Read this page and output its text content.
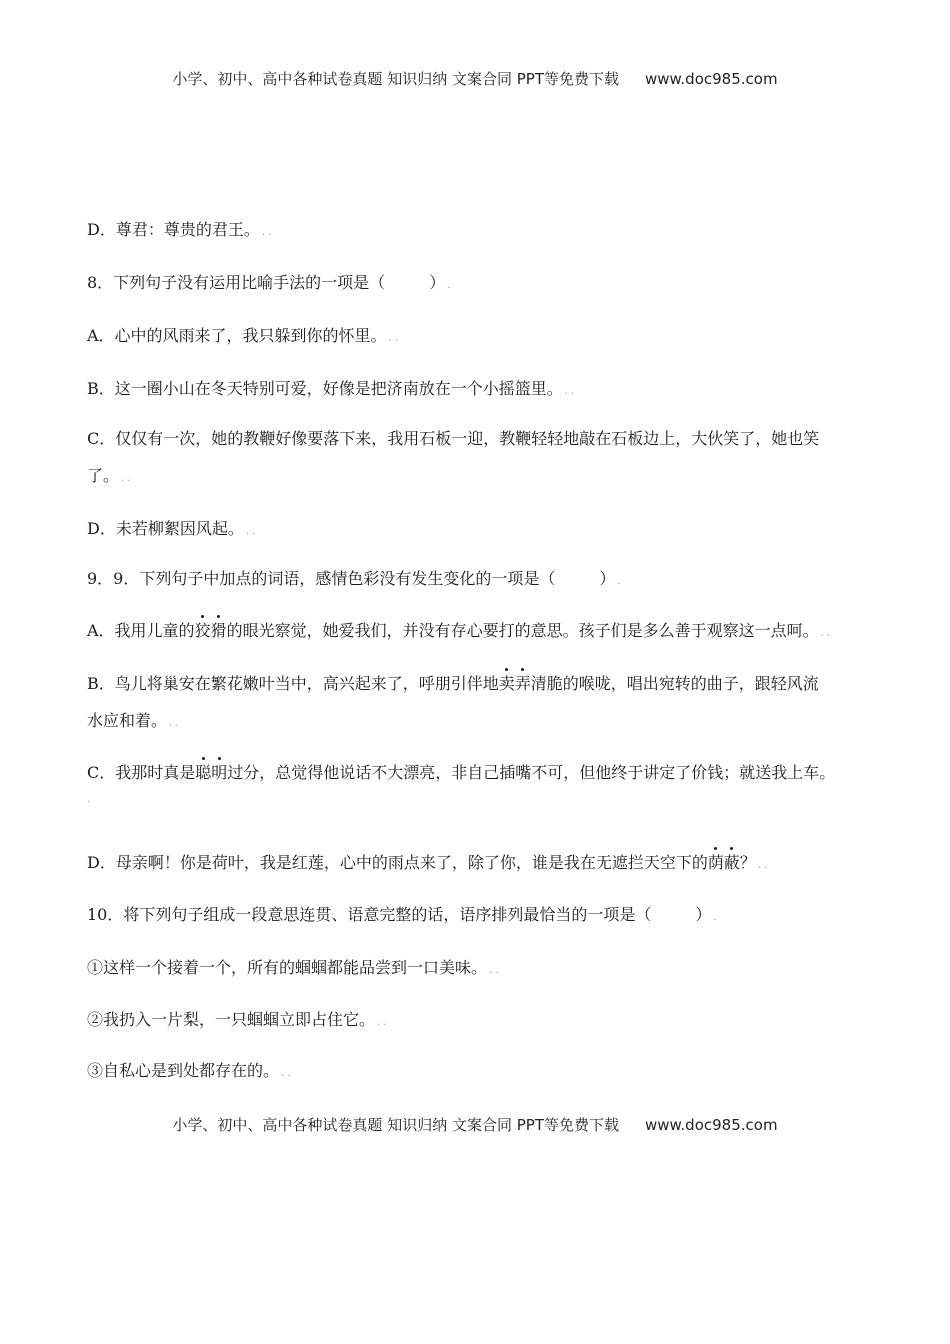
小学、初中、高中各种试卷真题 知识归纳 文案合同 PPT等免费下载 www.doc985.com
D．尊君：尊贵的君王。 . .
8．下列句子没有运用比喻手法的一项是（	） .
A．心中的风雨来了，我只躲到你的怀里。 . .
B．这一圈小山在冬天特别可爱，好像是把济南放在一个小摇篮里。 . .
C．仅仅有一次，她的教鞭好像要落下来，我用石板一迎，教鞭轻轻地敲在石板边上，大伙笑了，她也笑
了。 . .
D．未若柳絮因风起。 . .
9．9．下列句子中加点的词语，感情色彩没有发生变化的一项是（	） .
A．我用儿童的狡猾的眼光察觉，她爱我们，并没有存心要打的意思。孩子们是多么善于观察这一点呵。 . .
B．鸟儿将巢安在繁花嫩叶当中，高兴起来了，呼朋引伴地卖弄清脆的喉咙，唱出宛转的曲子，跟轻风流
水应和着。 . .
C．我那时真是聪明过分，总觉得他说话不大漂亮，非自己插嘴不可，但他终于讲定了价钱；就送我上车。
.
D．母亲啊！你是荷叶，我是红莲，心中的雨点来了，除了你，谁是我在无遮拦天空下的荫蔽？ . .
10．将下列句子组成一段意思连贯、语意完整的话，语序排列最恰当的一项是（	） .
①这样一个接着一个，所有的蝈蝈都能品尝到一口美味。 . .
②我扔入一片梨，一只蝈蝈立即占住它。 . .
③自私心是到处都存在的。 . .
小学、初中、高中各种试卷真题 知识归纳 文案合同 PPT等免费下载 www.doc985.com
